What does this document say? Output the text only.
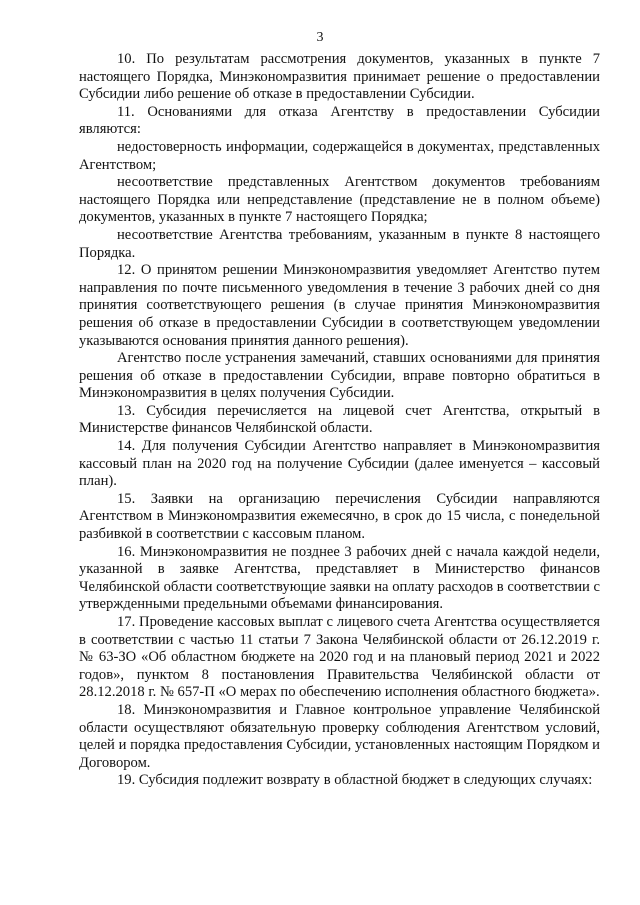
3

10. По результатам рассмотрения документов, указанных в пункте 7 настоящего Порядка, Минэкономразвития принимает решение о предоставлении Субсидии либо решение об отказе в предоставлении Субсидии.

11. Основаниями для отказа Агентству в предоставлении Субсидии являются:

недостоверность информации, содержащейся в документах, представленных Агентством;

несоответствие представленных Агентством документов требованиям настоящего Порядка или непредставление (представление не в полном объеме) документов, указанных в пункте 7 настоящего Порядка;

несоответствие Агентства требованиям, указанным в пункте 8 настоящего Порядка.

12. О принятом решении Минэкономразвития уведомляет Агентство путем направления по почте письменного уведомления в течение 3 рабочих дней со дня принятия соответствующего решения (в случае принятия Минэкономразвития решения об отказе в предоставлении Субсидии в соответствующем уведомлении указываются основания принятия данного решения).

Агентство после устранения замечаний, ставших основаниями для принятия решения об отказе в предоставлении Субсидии, вправе повторно обратиться в Минэкономразвития в целях получения Субсидии.

13. Субсидия перечисляется на лицевой счет Агентства, открытый в Министерстве финансов Челябинской области.

14. Для получения Субсидии Агентство направляет в Минэкономразвития кассовый план на 2020 год на получение Субсидии (далее именуется – кассовый план).

15. Заявки на организацию перечисления Субсидии направляются Агентством в Минэкономразвития ежемесячно, в срок до 15 числа, с понедельной разбивкой в соответствии с кассовым планом.

16. Минэкономразвития не позднее 3 рабочих дней с начала каждой недели, указанной в заявке Агентства, представляет в Министерство финансов Челябинской области соответствующие заявки на оплату расходов в соответствии с утвержденными предельными объемами финансирования.

17. Проведение кассовых выплат с лицевого счета Агентства осуществляется в соответствии с частью 11 статьи 7 Закона Челябинской области от 26.12.2019 г. № 63-ЗО «Об областном бюджете на 2020 год и на плановый период 2021 и 2022 годов», пунктом 8 постановления Правительства Челябинской области от 28.12.2018 г. № 657-П «О мерах по обеспечению исполнения областного бюджета».

18. Минэкономразвития и Главное контрольное управление Челябинской области осуществляют обязательную проверку соблюдения Агентством условий, целей и порядка предоставления Субсидии, установленных настоящим Порядком и Договором.

19. Субсидия подлежит возврату в областной бюджет в следующих случаях:
